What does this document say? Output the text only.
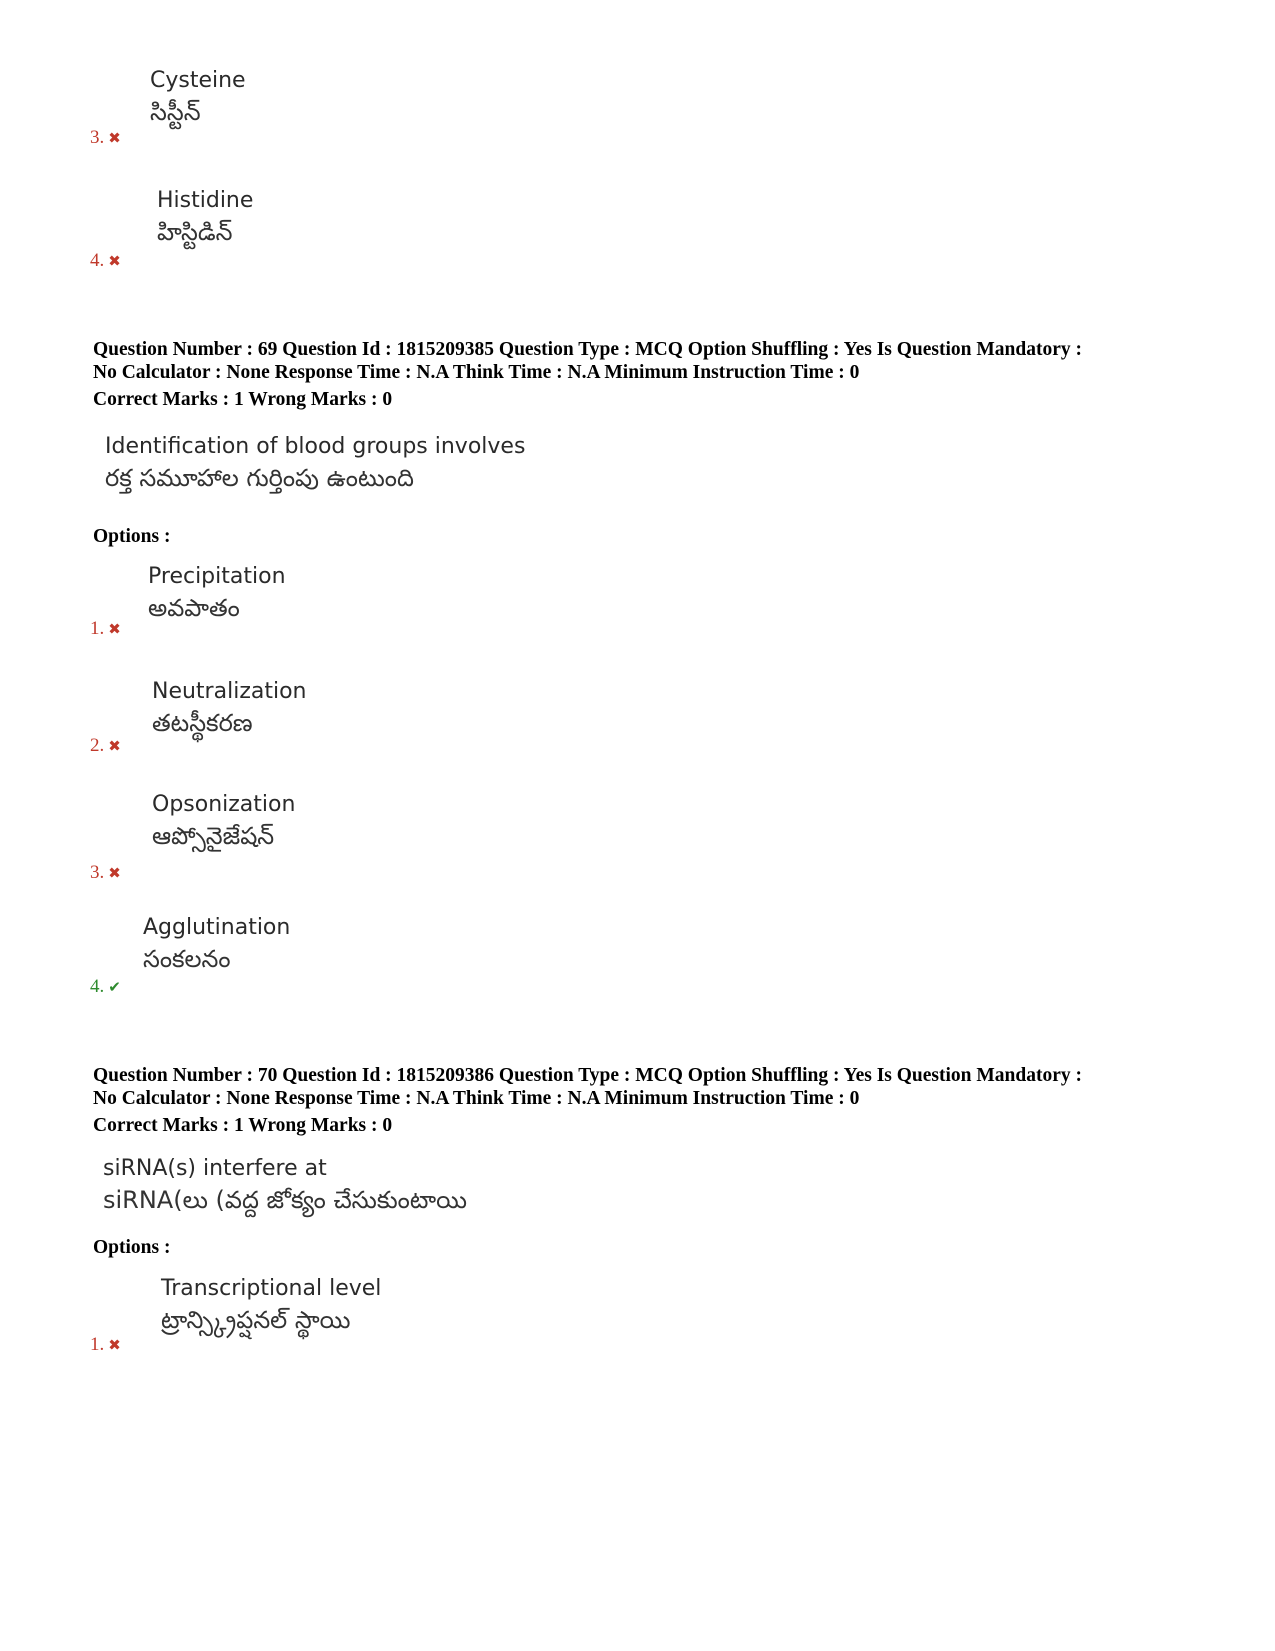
Cysteine
సిస్టీన్
3. ✖
Histidine
హిస్టిడిన్
4. ✖
Question Number : 69 Question Id : 1815209385 Question Type : MCQ Option Shuffling : Yes Is Question Mandatory :
No Calculator : None Response Time : N.A Think Time : N.A Minimum Instruction Time : 0
Correct Marks : 1 Wrong Marks : 0
Identification of blood groups involves
రక్త సమూహాల గుర్తింపు ఉంటుంది
Options :
Precipitation
అవపాతం
1. ✖
Neutralization
తటస్థీకరణ
2. ✖
Opsonization
ఆప్సోనైజేషన్
3. ✖
Agglutination
సంకలనం
4. ✔
Question Number : 70 Question Id : 1815209386 Question Type : MCQ Option Shuffling : Yes Is Question Mandatory :
No Calculator : None Response Time : N.A Think Time : N.A Minimum Instruction Time : 0
Correct Marks : 1 Wrong Marks : 0
siRNA(s) interfere at
siRNA(లు (వద్ద జోక్యం చేసుకుంటాయి
Options :
Transcriptional level
ట్రాన్స్క్రిప్షనల్ స్థాయి
1. ✖
